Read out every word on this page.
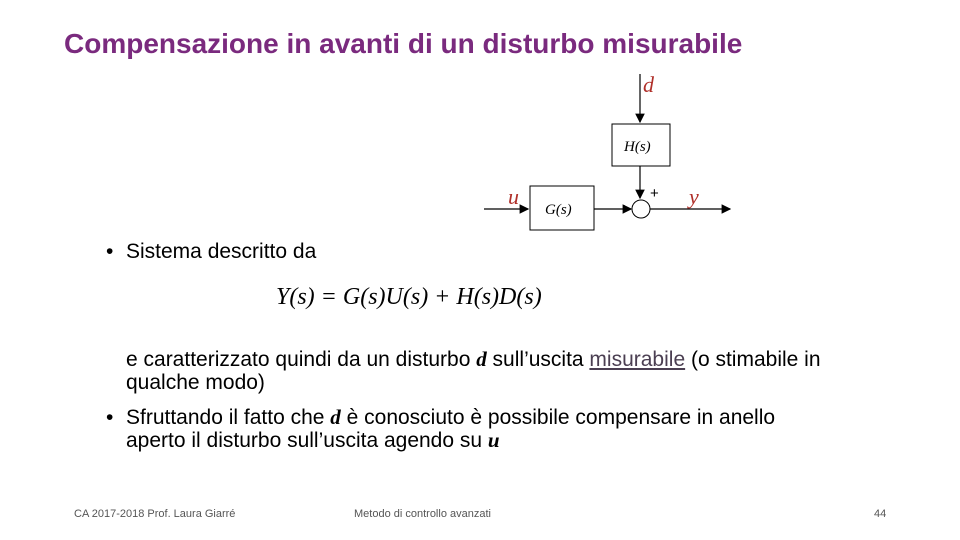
Compensazione in avanti di un disturbo misurabile
d
H(s)
u
G(s)	+
+ y
• Sistema descritto da
Y(s) = G(s)U(s) + H(s)D(s)
e caratterizzato quindi da un disturbo d sull’uscita misurabile (o stimabile in qualche modo)
• Sfruttando il fatto che d è conosciuto è possibile compensare in anello aperto il disturbo sull’uscita agendo su u
CA 2017-2018 Prof. Laura Giarré	Metodo di controllo avanzati	44
